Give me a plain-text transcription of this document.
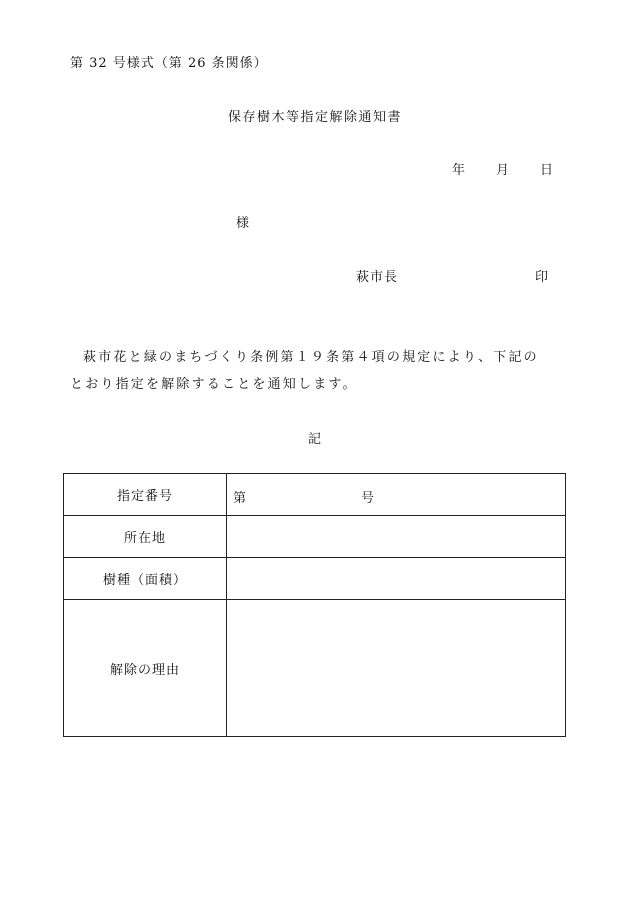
第 32 号様式（第 26 条関係）
保存樹木等指定解除通知書
年 月 日
様
萩市長	印
萩市花と緑のまちづくり条例第１９条第４項の規定により、下記のとおり指定を解除することを通知します。
記
指定番号	第 号

所在地	
樹種（面積）	
解除の理由	
